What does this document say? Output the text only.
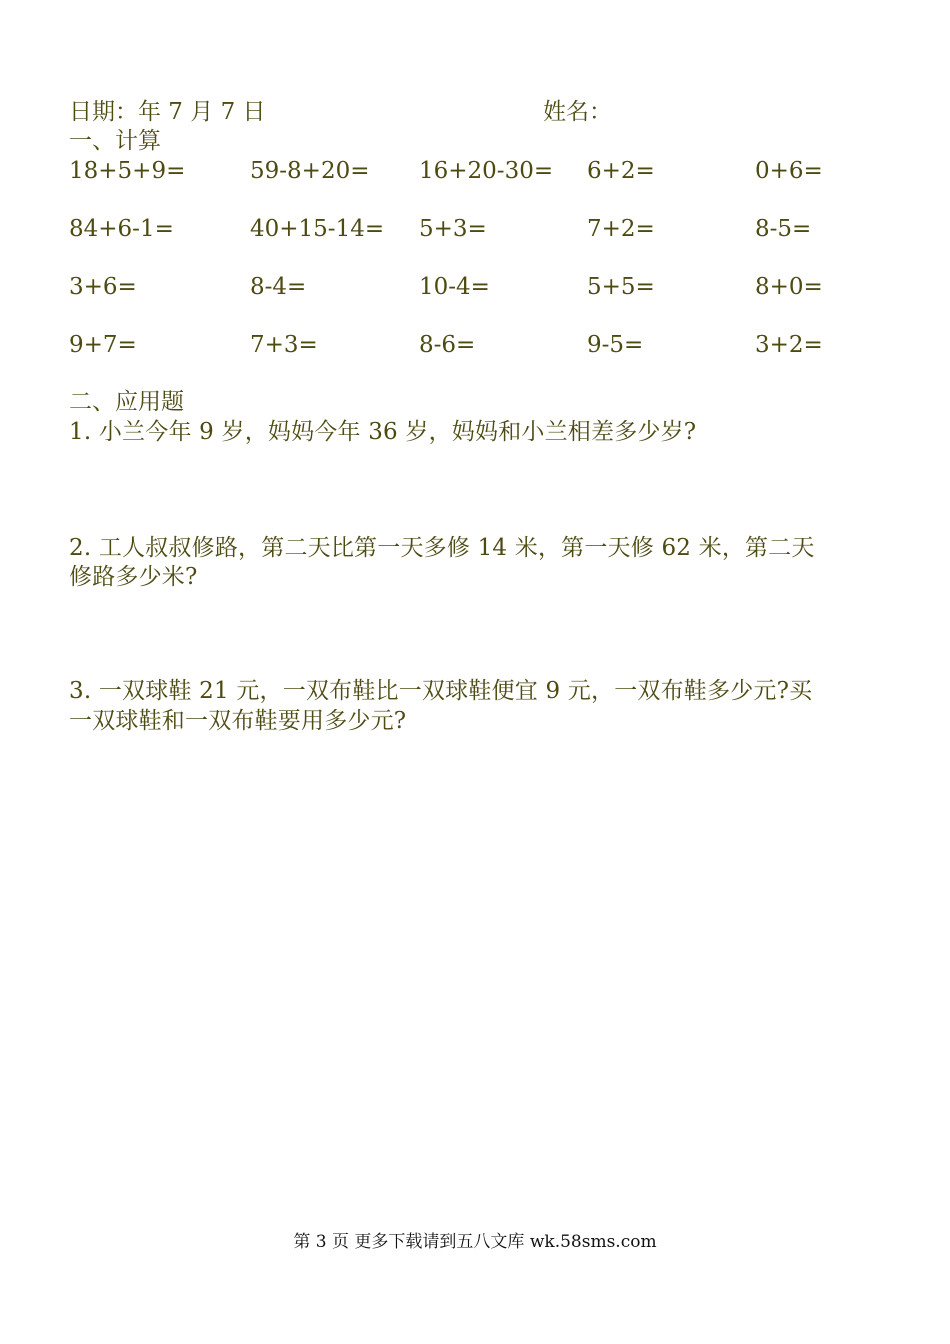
日期：年 7 月 7 日	姓名：
一、计算
18+5+9=	59-8+20= 16+20-30= 6+2=	0+6=
84+6-1=	40+15-14= 5+3=	7+2=	8-5=
3+6=	8-4=	10-4=	5+5=	8+0=
9+7=	7+3=	8-6=	9-5=	3+2=
二、应用题
1. 小兰今年 9 岁，妈妈今年 36 岁，妈妈和小兰相差多少岁?
2. 工人叔叔修路，第二天比第一天多修 14 米，第一天修 62 米，第二天
修路多少米?
3. 一双球鞋 21 元，一双布鞋比一双球鞋便宜 9 元，一双布鞋多少元?买
一双球鞋和一双布鞋要用多少元?
第 3 页 更多下载请到五八文库 wk.58sms.com
